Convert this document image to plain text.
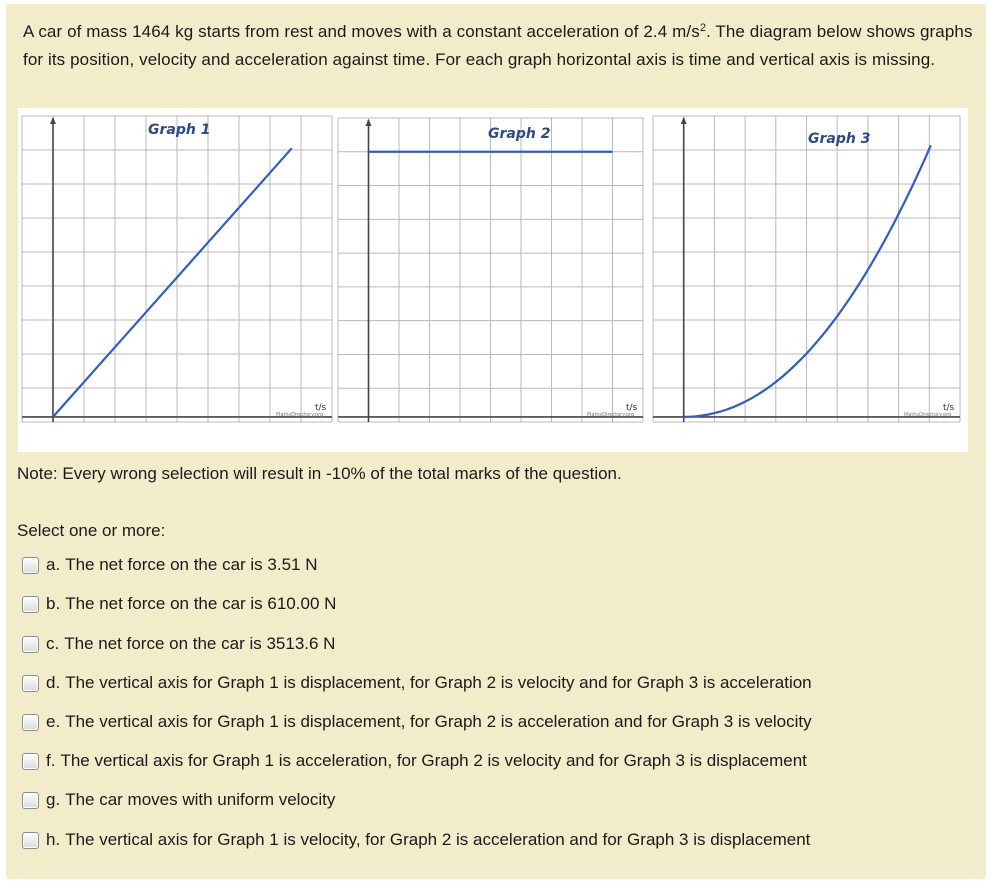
A car of mass 1464 kg starts from rest and moves with a constant acceleration of 2.4 $m/s^2$. The diagram below shows graphs for its position, velocity and acceleration against time. For each graph horizontal axis is time and vertical axis is missing.
Graph 1
t/s
MathsDirectory.org
Graph 2
t/s
MathsDirectory.org
Graph 3
t/s
MathsDirectory.org
Note: Every wrong selection will result in -10% of the total marks of the question.
Select one or more:
a. The net force on the car is 3.51 N
b. The net force on the car is 610.00 N
c. The net force on the car is 3513.6 N
d. The vertical axis for Graph 1 is displacement, for Graph 2 is velocity and for Graph 3 is acceleration
e. The vertical axis for Graph 1 is displacement, for Graph 2 is acceleration and for Graph 3 is velocity
f. The vertical axis for Graph 1 is acceleration, for Graph 2 is velocity and for Graph 3 is displacement
g. The car moves with uniform velocity
h. The vertical axis for Graph 1 is velocity, for Graph 2 is acceleration and for Graph 3 is displacement
